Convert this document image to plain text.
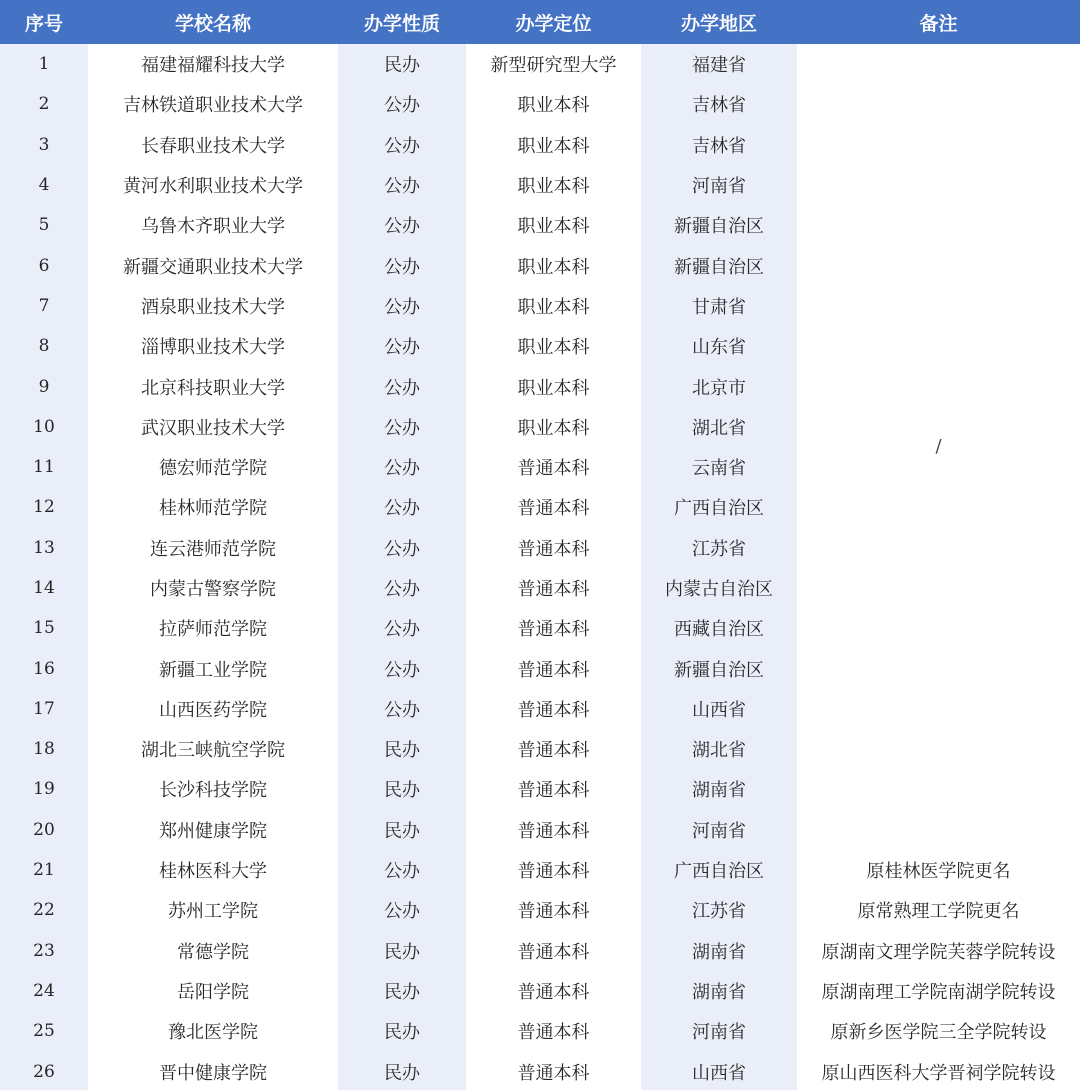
序号	学校名称	办学性质	办学定位	办学地区	备注
1	福建福耀科技大学	民办	新型研究型大学	福建省	/
2	吉林铁道职业技术大学	公办	职业本科	吉林省	
3	长春职业技术大学	公办	职业本科	吉林省	
4	黄河水利职业技术大学	公办	职业本科	河南省	
5	乌鲁木齐职业大学	公办	职业本科	新疆自治区	
6	新疆交通职业技术大学	公办	职业本科	新疆自治区	
7	酒泉职业技术大学	公办	职业本科	甘肃省	
8	淄博职业技术大学	公办	职业本科	山东省	
9	北京科技职业大学	公办	职业本科	北京市	
10	武汉职业技术大学	公办	职业本科	湖北省	
11	德宏师范学院	公办	普通本科	云南省	
12	桂林师范学院	公办	普通本科	广西自治区	
13	连云港师范学院	公办	普通本科	江苏省	
14	内蒙古警察学院	公办	普通本科	内蒙古自治区	
15	拉萨师范学院	公办	普通本科	西藏自治区	
16	新疆工业学院	公办	普通本科	新疆自治区	
17	山西医药学院	公办	普通本科	山西省	
18	湖北三峡航空学院	民办	普通本科	湖北省	
19	长沙科技学院	民办	普通本科	湖南省	
20	郑州健康学院	民办	普通本科	河南省	
21	桂林医科大学	公办	普通本科	广西自治区	原桂林医学院更名
22	苏州工学院	公办	普通本科	江苏省	原常熟理工学院更名
23	常德学院	民办	普通本科	湖南省	原湖南文理学院芙蓉学院转设
24	岳阳学院	民办	普通本科	湖南省	原湖南理工学院南湖学院转设
25	豫北医学院	民办	普通本科	河南省	原新乡医学院三全学院转设
26	晋中健康学院	民办	普通本科	山西省	原山西医科大学晋祠学院转设
